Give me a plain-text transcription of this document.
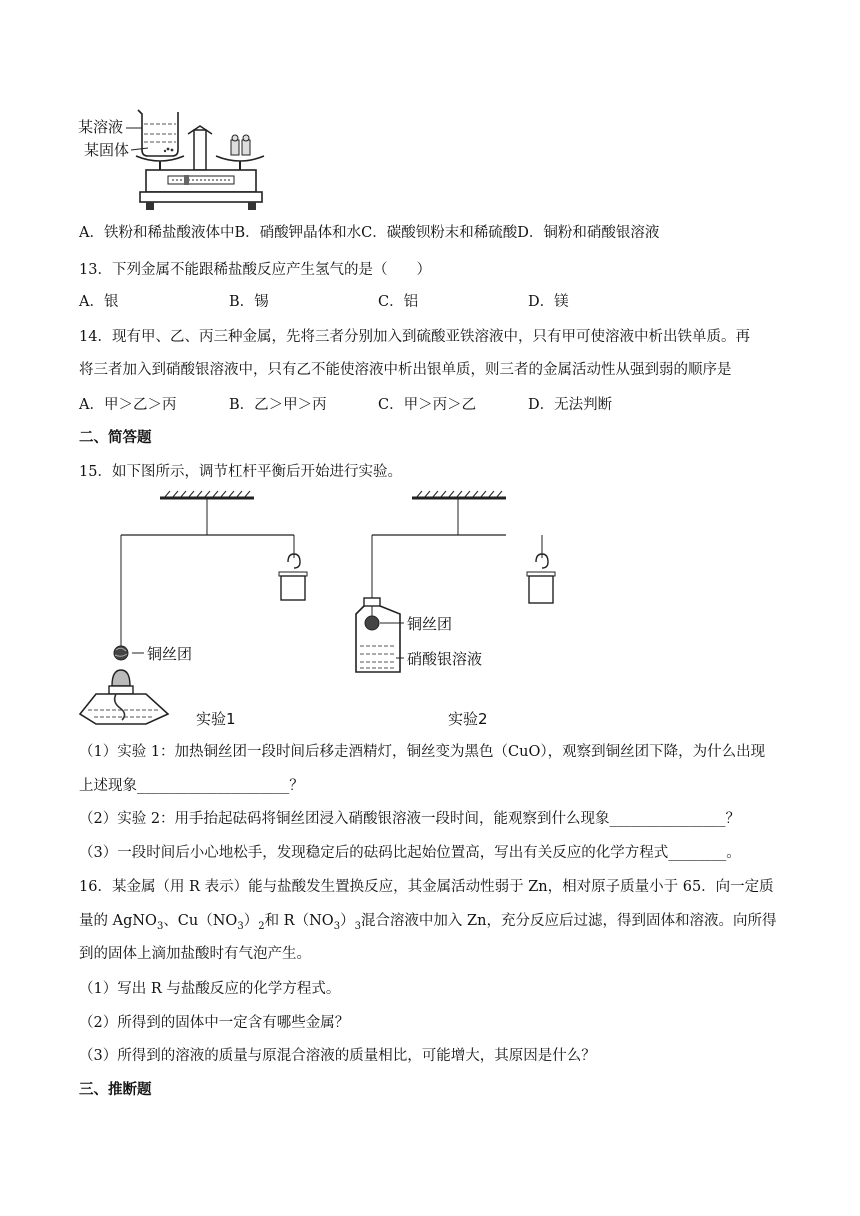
某溶液
某固体
A．铁粉和稀盐酸液体中B．硝酸钾晶体和水C．碳酸钡粉末和稀硫酸D．铜粉和硝酸银溶液
13．下列金属不能跟稀盐酸反应产生氢气的是（　　）
A．银	B．锡	C．铝	D．镁
14．现有甲、乙、丙三种金属，先将三者分别加入到硫酸亚铁溶液中，只有甲可使溶液中析出铁单质。再
将三者加入到硝酸银溶液中，只有乙不能使溶液中析出银单质，则三者的金属活动性从强到弱的顺序是
A．甲＞乙＞丙	B．乙＞甲＞丙	C．甲＞丙＞乙	D．无法判断
二、简答题
15．如下图所示，调节杠杆平衡后开始进行实验。
铜丝团
实验1
铜丝团
硝酸银溶液
实验2
（1）实验 1：加热铜丝团一段时间后移走酒精灯，铜丝变为黑色（CuO），观察到铜丝团下降，为什么出现
上述现象_____________________？
（2）实验 2：用手抬起砝码将铜丝团浸入硝酸银溶液一段时间，能观察到什么现象________________？
（3）一段时间后小心地松手，发现稳定后的砝码比起始位置高，写出有关反应的化学方程式________。
16．某金属（用 R 表示）能与盐酸发生置换反应，其金属活动性弱于 Zn，相对原子质量小于 65．向一定质
量的 AgNO$_3$、$Cu(NO_3)_2$和 $R(NO_3)_3$混合溶液中加入 Zn，充分反应后过滤，得到固体和溶液。向所得
到的固体上滴加盐酸时有气泡产生。
（1）写出 R 与盐酸反应的化学方程式。
（2）所得到的固体中一定含有哪些金属？
（3）所得到的溶液的质量与原混合溶液的质量相比，可能增大，其原因是什么？
三、推断题
